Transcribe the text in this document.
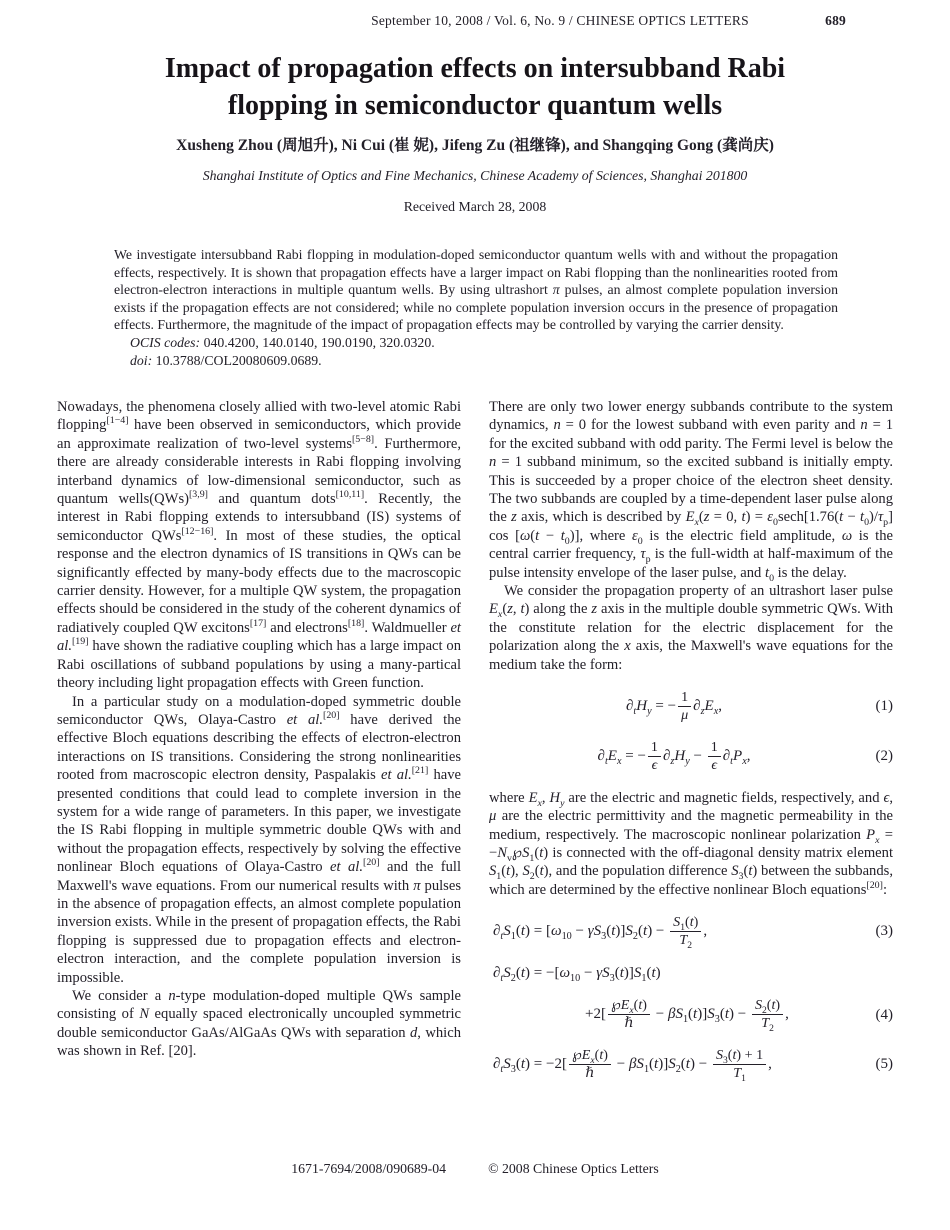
September 10, 2008 / Vol. 6, No. 9 / CHINESE OPTICS LETTERS	689
Impact of propagation effects on intersubband Rabi
flopping in semiconductor quantum wells
Xusheng Zhou (周旭升), Ni Cui (崔 妮), Jifeng Zu (祖继锋), and Shangqing Gong (龚尚庆)
Shanghai Institute of Optics and Fine Mechanics, Chinese Academy of Sciences, Shanghai 201800
Received March 28, 2008
We investigate intersubband Rabi flopping in modulation-doped semiconductor quantum wells with and without the propagation effects, respectively. It is shown that propagation effects have a larger impact on Rabi flopping than the nonlinearities rooted from electron-electron interactions in multiple quantum wells. By using ultrashort π pulses, an almost complete population inversion exists if the propagation effects are not considered; while no complete population inversion occurs in the presence of propagation effects. Furthermore, the magnitude of the impact of propagation effects may be controlled by varying the carrier density.
OCIS codes: 040.4200, 140.0140, 190.0190, 320.0320.
doi: 10.3788/COL20080609.0689.

Nowadays, the phenomena closely allied with two-level atomic Rabi flopping[1−4] have been observed in semiconductors, which provide an approximate realization of two-level systems[5−8]. Furthermore, there are already considerable interests in Rabi flopping involving interband dynamics of low-dimensional semiconductor, such as quantum wells(QWs)[3,9] and quantum dots[10,11]. Recently, the interest in Rabi flopping extends to intersubband (IS) systems of semiconductor QWs[12−16]. In most of these studies, the optical response and the electron dynamics of IS transitions in QWs can be significantly effected by many-body effects due to the macroscopic carrier density. However, for a multiple QW system, the propagation effects should be considered in the study of the coherent dynamics of radiatively coupled QW excitons[17] and electrons[18]. Waldmueller et al.[19] have shown the radiative coupling which has a large impact on Rabi oscillations of subband populations by using a many-partical theory including light propagation effects with Green function.

In a particular study on a modulation-doped symmetric double semiconductor QWs, Olaya-Castro et al.[20] have derived the effective Bloch equations describing the effects of electron-electron interactions on IS transitions. Considering the strong nonlinearities rooted from macroscopic electron density, Paspalakis et al.[21] have presented conditions that could lead to complete inversion in the system for a wide range of parameters. In this paper, we investigate the IS Rabi flopping in multiple symmetric double QWs with and without the propagation effects, respectively by solving the effective nonlinear Bloch equations of Olaya-Castro et al.[20] and the full Maxwell's wave equations. From our numerical results with π pulses in the absence of propagation effects, an almost complete population inversion exists. While in the present of propagation effects, the Rabi flopping is suppressed due to propagation effects and electron-electron interaction, and the complete population inversion is impossible.

We consider a n-type modulation-doped multiple QWs sample consisting of N equally spaced electronically uncoupled symmetric double semiconductor GaAs/AlGaAs QWs with separation d, which was shown in Ref. [20].

There are only two lower energy subbands contribute to the system dynamics, n = 0 for the lowest subband with even parity and n = 1 for the excited subband with odd parity. The Fermi level is below the n = 1 subband minimum, so the excited subband is initially empty. This is succeeded by a proper choice of the electron sheet density. The two subbands are coupled by a time-dependent laser pulse along the z axis, which is described by $E_x(z = 0$, $t) = \varepsilon_0\sec h[1.76(t - t_0)/\tau_p]$ $\cos [\omega(t - t_0)]$, where $\varepsilon_0$ is the electric field amplitude, ω is the central carrier frequency, $\tau_p$ is the full-width at half-maximum of the pulse intensity envelope of the laser pulse, and $t_0$ is the delay.

We consider the propagation property of an ultrashort laser pulse $E_x(z$, t) along the z axis in the multiple double symmetric QWs. With the constitute relation for the electric displacement for the polarization along the x axis, the Maxwell's wave equations for the medium take the form:

$\partial_tH_y$ = − $\frac{1}{\mu} \partial_zE_x$,	(1)
$\partial_tE_x$ = − $\frac{1}{\epsilon} \partial_zH_y - \frac{1}{\epsilon} \partial_tP_x$,	(2)

where $E_x$, $H_y$ are the electric and magnetic fields, respectively, and ϵ, μ are the electric permittivity and the magnetic permeability in the medium, respectively. The macroscopic nonlinear polarization $P_x$ = $-N_v℘S_1(t)$ is connected with the off-diagonal density matrix element $S_1(t)$, $S_2(t)$, and the population difference $S_3(t)$ between the subbands, which are determined by the effective nonlinear Bloch equations[20]:

$\partial_tS_1(t) = [\omega_{10} - \gamma S_3(t)]S_2(t) - \frac{S_1(t)}{T_2}$ ,	(3)
$\partial_tS_2(t) = -[\omega_{10} - \gamma S_3(t)]S_1(t)$
$+2[ \frac{℘E_x(t)}{\text{ℏ}} - \beta S_1(t)]S_3(t) - \frac{S_2(t)}{T_2}$ ,	(4)
$\partial_tS_3(t) = -2[ \frac{℘E_x(t)}{\text{ℏ}} - \beta S_1(t)]S_2(t) - \frac{S_3(t) + 1}{T_1}$ ,	(5)
1671-7694/2008/090689-04	© 2008 Chinese Optics Letters
